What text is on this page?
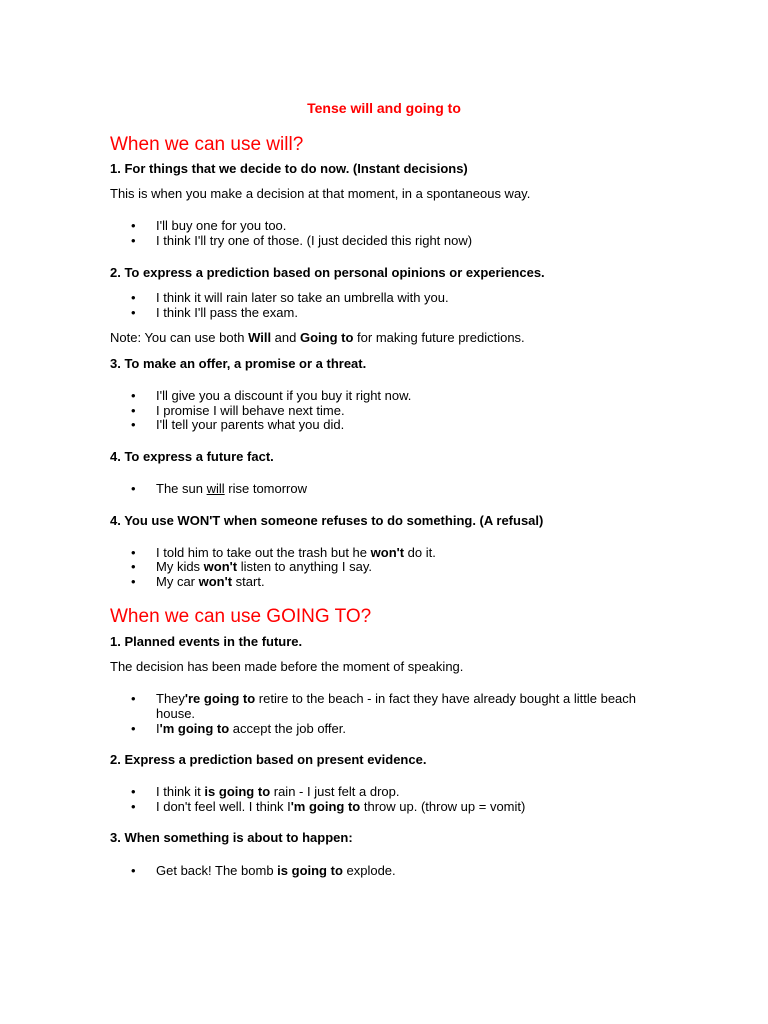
Tense will and going to
When we can use will?
1. For things that we decide to do now. (Instant decisions)
This is when you make a decision at that moment, in a spontaneous way.
• I'll buy one for you too.
• I think I'll try one of those. (I just decided this right now)
2. To express a prediction based on personal opinions or experiences.
• I think it will rain later so take an umbrella with you.
• I think I'll pass the exam.
Note: You can use both Will and Going to for making future predictions.
3. To make an offer, a promise or a threat.
• I'll give you a discount if you buy it right now.
• I promise I will behave next time.
• I'll tell your parents what you did.
4. To express a future fact.
• The sun will rise tomorrow
4. You use WON'T when someone refuses to do something. (A refusal)
• I told him to take out the trash but he won't do it.
• My kids won't listen to anything I say.
• My car won't start.
When we can use GOING TO?
1. Planned events in the future.
The decision has been made before the moment of speaking.
• They're going to retire to the beach - in fact they have already bought a little beach
house.
• I'm going to accept the job offer.
2. Express a prediction based on present evidence.
• I think it is going to rain - I just felt a drop.
• I don't feel well. I think I'm going to throw up. (throw up = vomit)
3. When something is about to happen:
• Get back! The bomb is going to explode.
